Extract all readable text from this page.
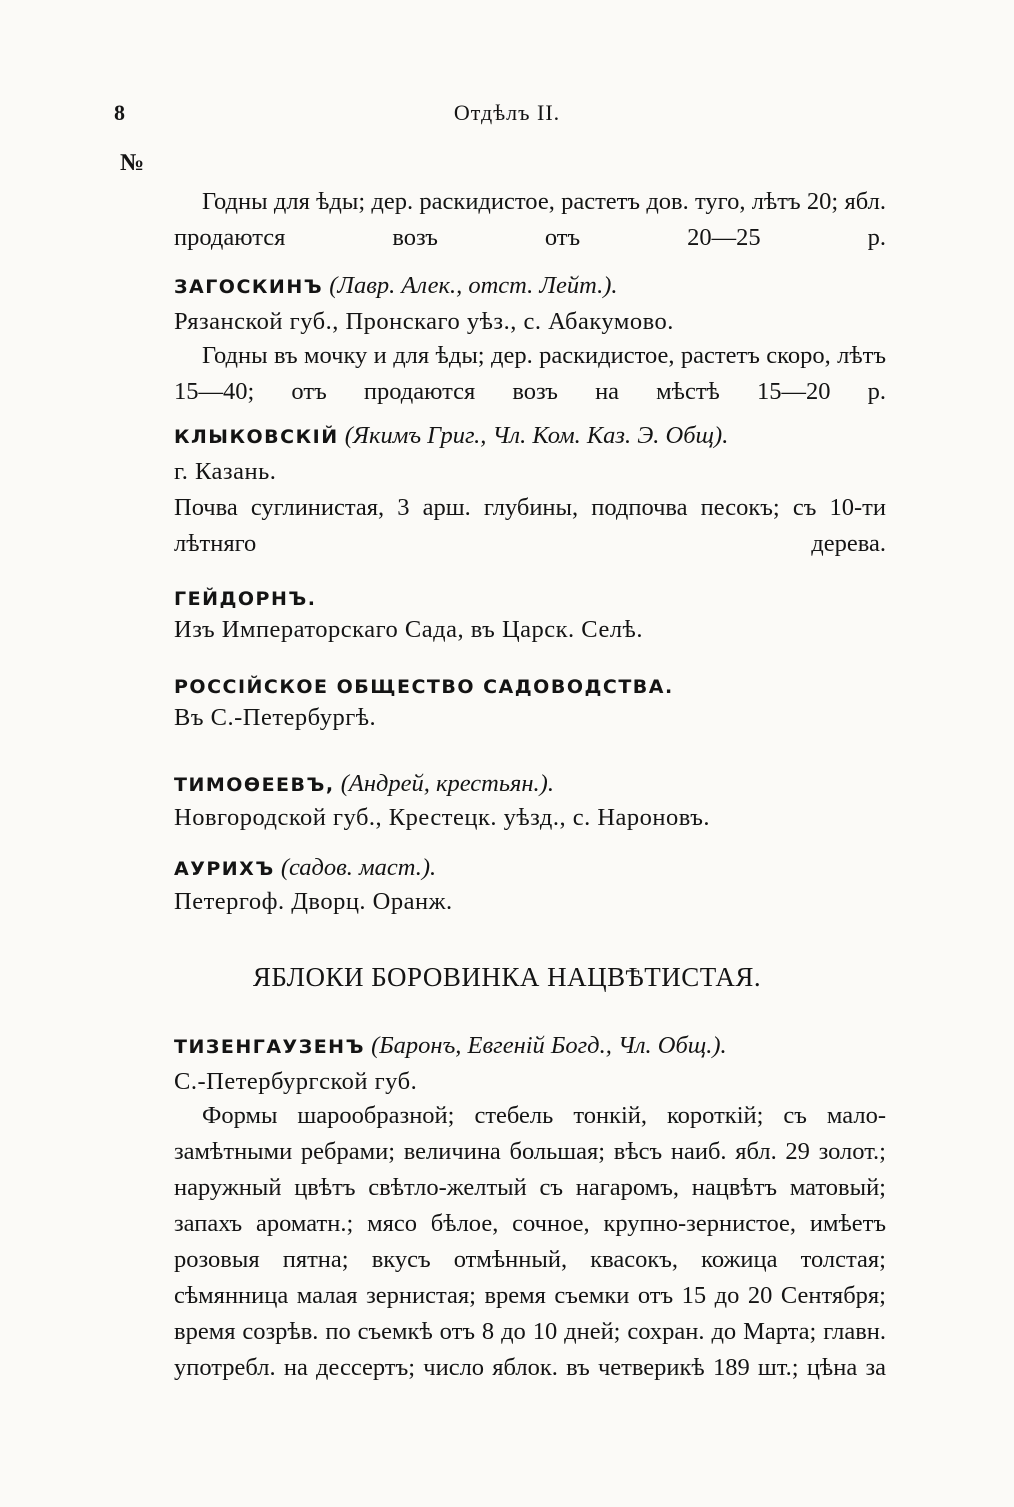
8	Отдѣлъ II.
№
Годны для ѣды; дер. раскидистое, растетъ дов. туго, лѣтъ 20; ябл. продаются возъ отъ 20—25 р.
ЗАГОСКИНЪ (Лавр. Алек., отст. Лейт.).
Рязанской губ., Пронскаго уѣз., с. Абакумово.
Годны въ мочку и для ѣды; дер. раскидистое, растетъ скоро, лѣтъ 15—40; отъ продаются возъ на мѣстѣ 15—20 р.
КЛЫКОВСКІЙ (Якимъ Григ., Чл. Ком. Каз. Э. Общ).
г. Казань.
Почва суглинистая, 3 арш. глубины, подпочва песокъ; съ 10-ти лѣтняго дерева.
ГЕЙДОРНЪ.
Изъ Императорскаго Сада, въ Царск. Селѣ.
РОССІЙСКОЕ ОБЩЕСТВО САДОВОДСТВА.
Въ С.-Петербургѣ.
ТИМОѲЕЕВЪ, (Андрей, крестьян.).
Новгородской губ., Крестецк. уѣзд., с. Нароновъ.
АУРИХЪ (садов. маст.).
Петергоф. Дворц. Оранж.
ЯБЛОКИ БОРОВИНКА НАЦВѢТИСТАЯ.
ТИЗЕНГАУЗЕНЪ (Баронъ, Евгеній Богд., Чл. Общ.).
С.-Петербургской губ.
Формы шарообразной; стебель тонкій, короткій; съ мало-замѣтными ребрами; величина большая; вѣсъ наиб. ябл. 29 золот.; наружный цвѣтъ свѣтло-желтый съ нагаромъ, нацвѣтъ матовый; запахъ ароматн.; мясо бѣлое, сочное, крупно-зернистое, имѣетъ розовыя пятна; вкусъ отмѣнный, квасокъ, кожица толстая; сѣмянница малая зернистая; время съемки отъ 15 до 20 Сентября; время созрѣв. по съемкѣ отъ 8 до 10 дней; сохран. до Марта; главн. употребл. на дессертъ; число яблок. въ четверикѣ 189 шт.; цѣна за
